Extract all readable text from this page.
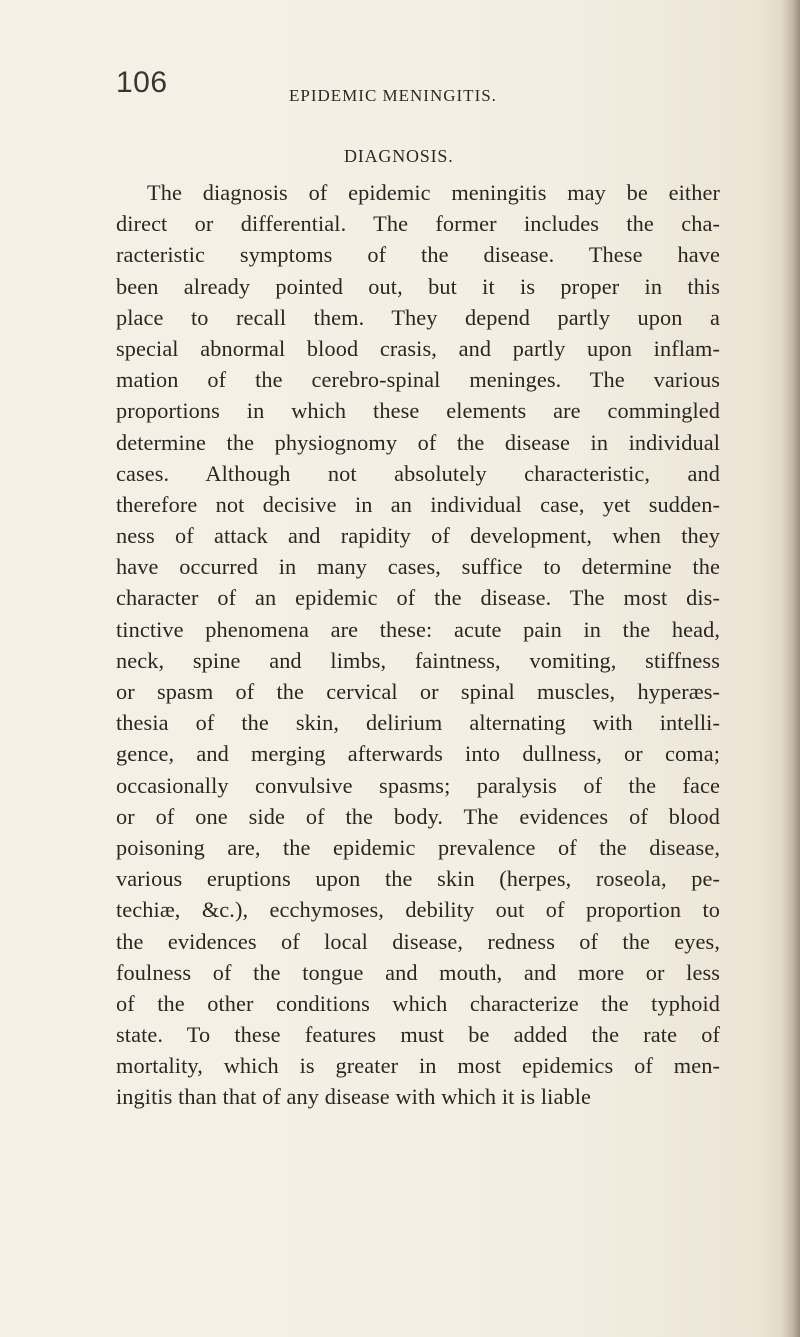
106	EPIDEMIC MENINGITIS.
DIAGNOSIS.
The diagnosis of epidemic meningitis may be either
direct or differential. The former includes the cha-
racteristic symptoms of the disease. These have
been already pointed out, but it is proper in this
place to recall them. They depend partly upon a
special abnormal blood crasis, and partly upon inflam-
mation of the cerebro-spinal meninges. The various
proportions in which these elements are commingled
determine the physiognomy of the disease in individual
cases. Although not absolutely characteristic, and
therefore not decisive in an individual case, yet sudden-
ness of attack and rapidity of development, when they
have occurred in many cases, suffice to determine the
character of an epidemic of the disease. The most dis-
tinctive phenomena are these: acute pain in the head,
neck, spine and limbs, faintness, vomiting, stiffness
or spasm of the cervical or spinal muscles, hyperæs-
thesia of the skin, delirium alternating with intelli-
gence, and merging afterwards into dullness, or coma;
occasionally convulsive spasms; paralysis of the face
or of one side of the body. The evidences of blood
poisoning are, the epidemic prevalence of the disease,
various eruptions upon the skin (herpes, roseola, pe-
techiæ, &c.), ecchymoses, debility out of proportion to
the evidences of local disease, redness of the eyes,
foulness of the tongue and mouth, and more or less
of the other conditions which characterize the typhoid
state. To these features must be added the rate of
mortality, which is greater in most epidemics of men-
ingitis than that of any disease with which it is liable
